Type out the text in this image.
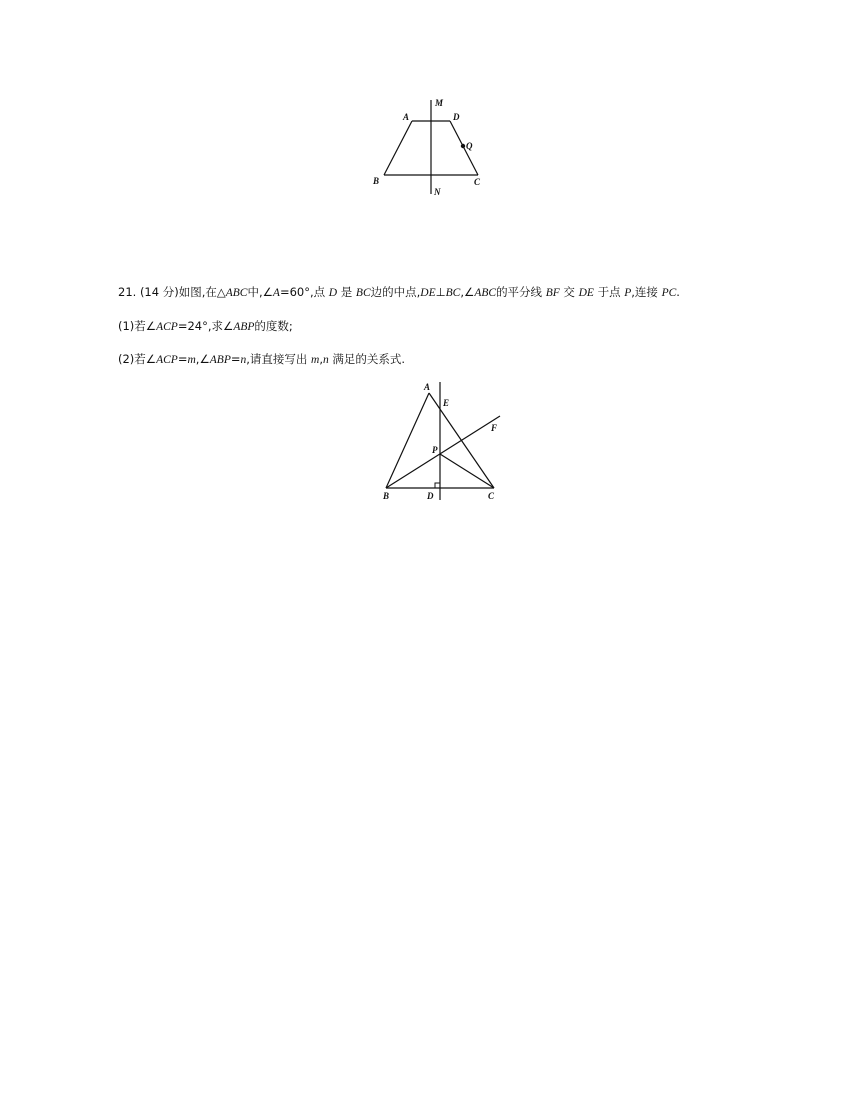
A	D
M
Q
B	C
N
21. (14 分)如图,在△ABC中,∠A=60°,点 D 是 BC边的中点,DE⊥BC,∠ABC的平分线 BF 交 DE 于点 P,连接 PC.
(1)若∠ACP=24°,求∠ABP的度数;
(2)若∠ACP=m,∠ABP=n,请直接写出 m,n 满足的关系式.
A
E
F
P
B	D	C
